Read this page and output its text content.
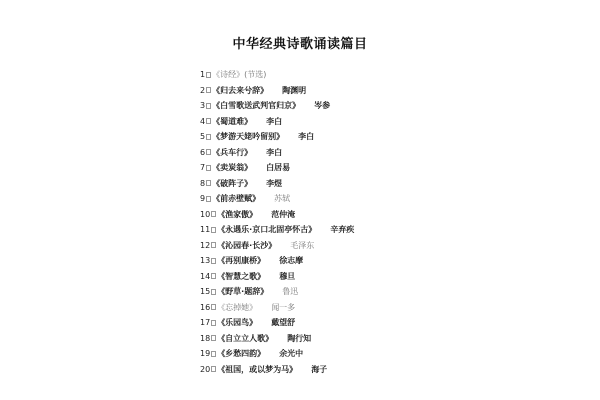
中华经典诗歌诵读篇目
1 《诗经》(节选)
2 《归去来兮辞》 陶渊明
3 《白雪歌送武判官归京》 岑参
4 《蜀道难》 李白
5 《梦游天姥吟留别》 李白
6 《兵车行》 李白
7 《卖炭翁》 白居易
8 《破阵子》 李煜
9 《前赤壁赋》 苏轼
10 《渔家傲》 范仲淹
11 《永遇乐·京口北固亭怀古》 辛弃疾
12 《沁园春·长沙》 毛泽东
13 《再别康桥》 徐志摩
14 《智慧之歌》 穆旦
15 《野草·题辞》 鲁迅
16 《忘掉她》 闻一多
17 《乐园鸟》 戴望舒
18 《自立立人歌》 陶行知
19 《乡愁四韵》 余光中
20 《祖国，或以梦为马》 海子
